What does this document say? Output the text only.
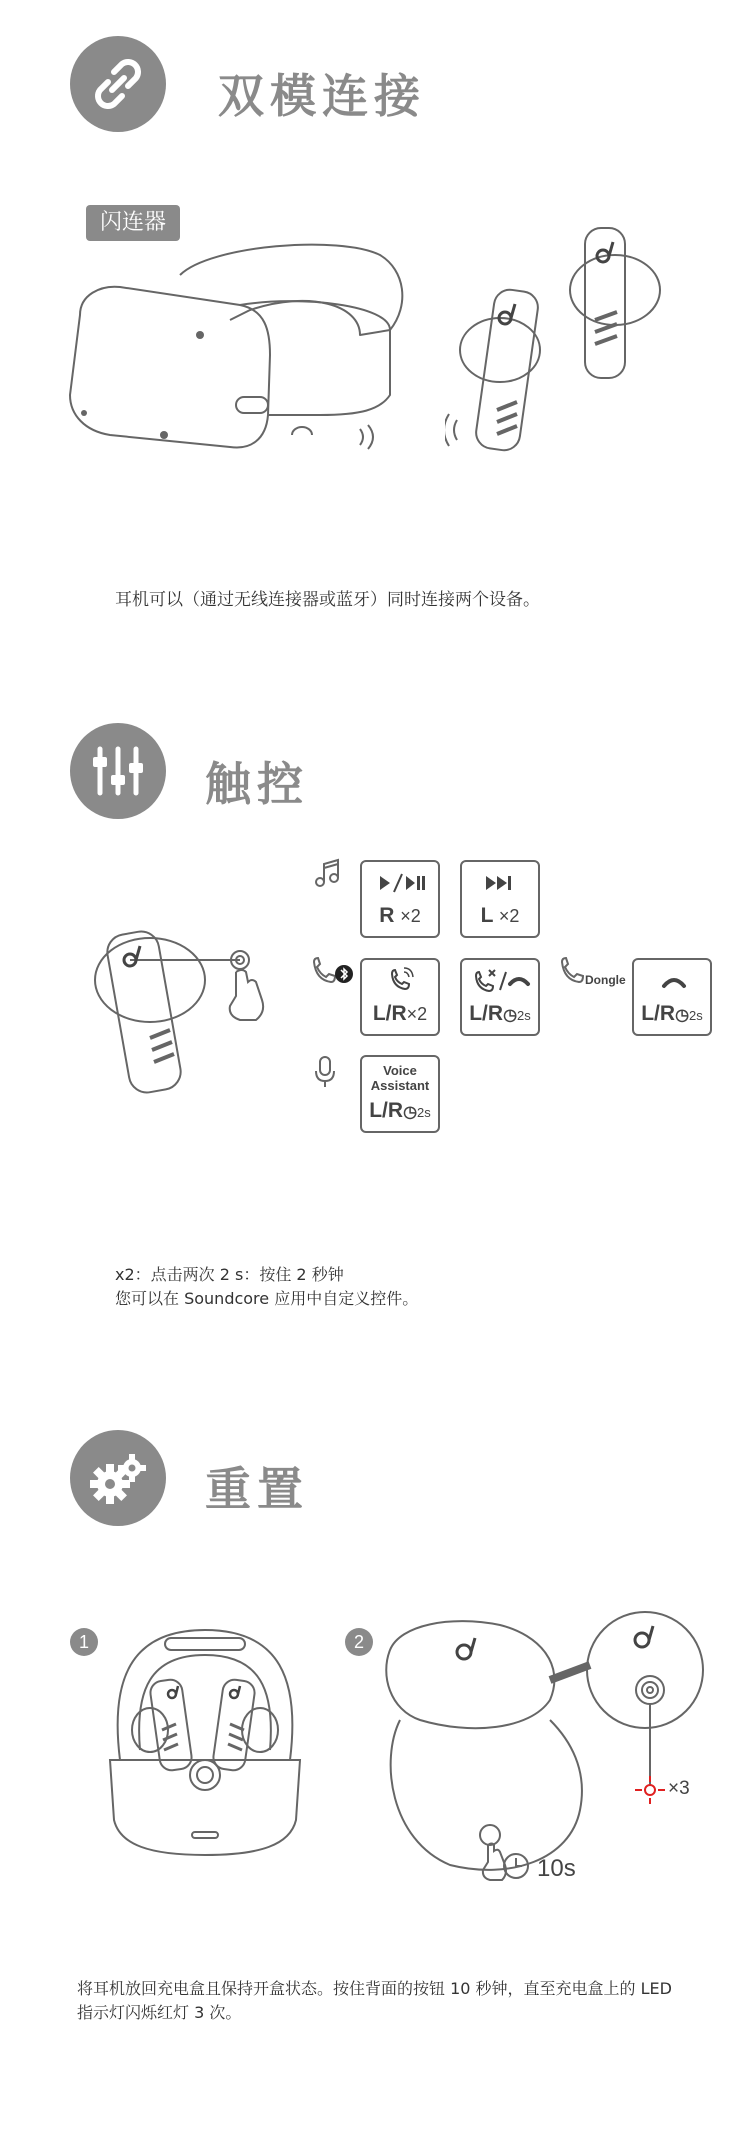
双模连接
闪连器
耳机可以（通过无线连接器或蓝牙）同时连接两个设备。
触控
Dongle
R ×2	L ×2
L/R×2	L/R◷2s	L/R◷2s
Voice
Assistant
L/R◷2s
x2：点击两次 2 s：按住 2 秒钟
您可以在 Soundcore 应用中自定义控件。
重置
1	2
×3
10s
将耳机放回充电盒且保持开盒状态。按住背面的按钮 10 秒钟，直至充电盒上的 LED
指示灯闪烁红灯 3 次。
